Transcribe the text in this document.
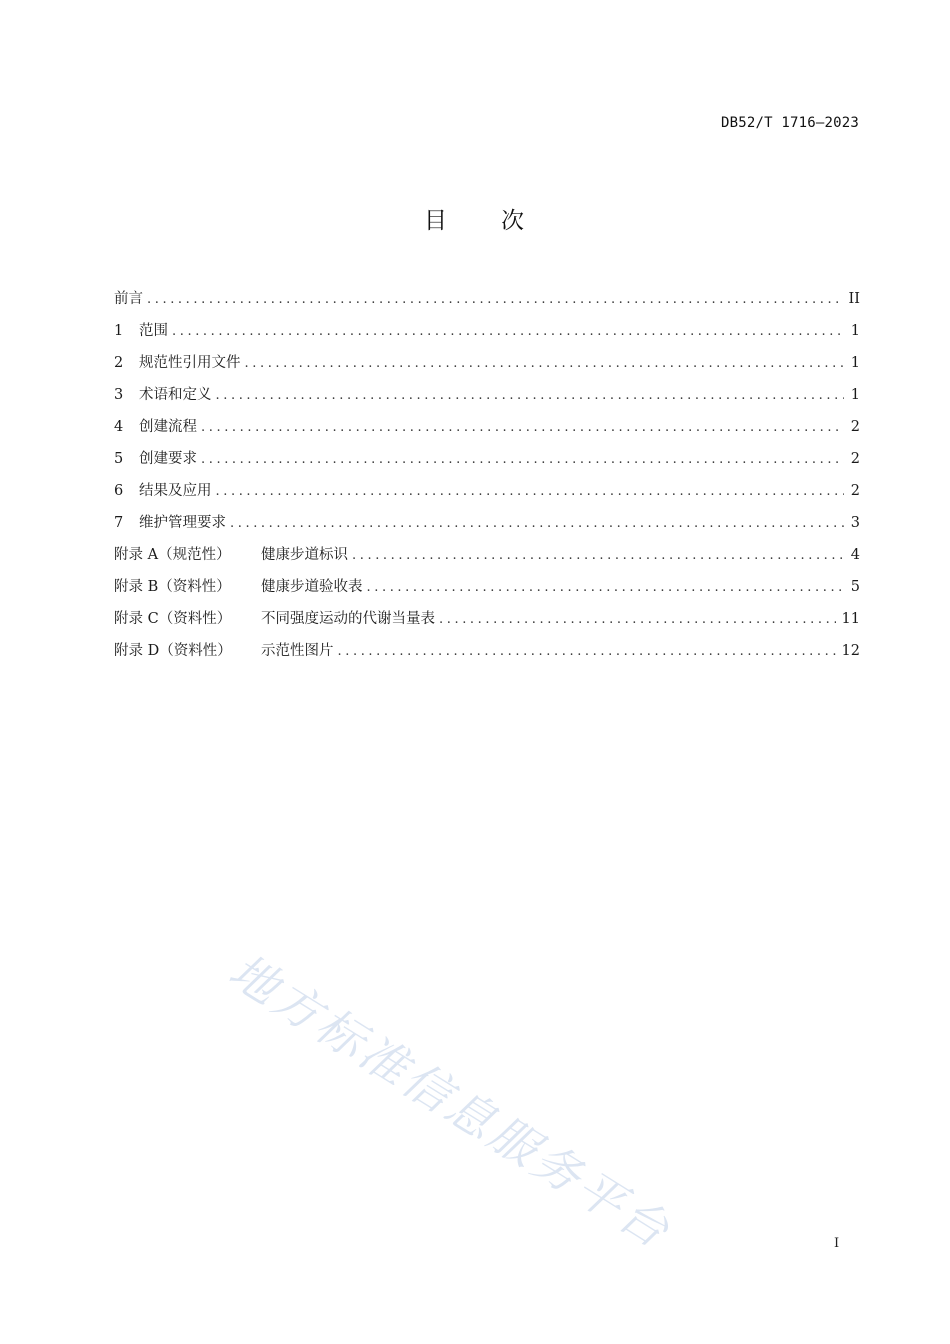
DB52/T 1716—2023
目 次
前言 .....	II
1	范围 .....	1
2	规范性引用文件 .....	1
3	术语和定义 .....	1
4	创建流程 .....	2
5	创建要求 .....	2
6	结果及应用 .....	2
7	维护管理要求 .....	3
附录 A（规范性）	健康步道标识 .....	4
附录 B（资料性）	健康步道验收表 .....	5
附录 C（资料性）	不同强度运动的代谢当量表 .....	11
附录 D（资料性）	示范性图片 .....	12
地方标准信息服务平台	I
